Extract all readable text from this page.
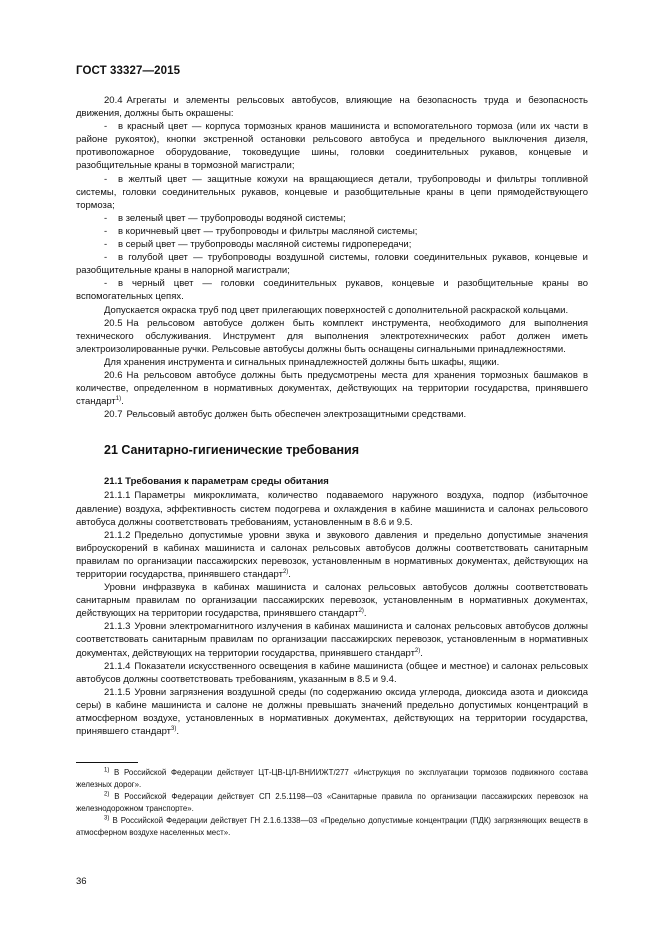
ГОСТ 33327—2015

20.4 Агрегаты и элементы рельсовых автобусов, влияющие на безопасность труда и безопасность движения, должны быть окрашены:

- в красный цвет — корпуса тормозных кранов машиниста и вспомогательного тормоза (или их части в районе рукояток), кнопки экстренной остановки рельсового автобуса и предельного выключения дизеля, противопожарное оборудование, токоведущие шины, головки соединительных рукавов, концевые и разобщительные краны в тормозной магистрали;

- в желтый цвет — защитные кожухи на вращающиеся детали, трубопроводы и фильтры топливной системы, головки соединительных рукавов, концевые и разобщительные краны в цепи прямодействующего тормоза;

- в зеленый цвет — трубопроводы водяной системы;

- в коричневый цвет — трубопроводы и фильтры масляной системы;

- в серый цвет — трубопроводы масляной системы гидропередачи;

- в голубой цвет — трубопроводы воздушной системы, головки соединительных рукавов, концевые и разобщительные краны в напорной магистрали;

- в черный цвет — головки соединительных рукавов, концевые и разобщительные краны во вспомогательных цепях.

Допускается окраска труб под цвет прилегающих поверхностей с дополнительной раскраской кольцами.

20.5 На рельсовом автобусе должен быть комплект инструмента, необходимого для выполнения технического обслуживания. Инструмент для выполнения электротехнических работ должен иметь электроизолированные ручки. Рельсовые автобусы должны быть оснащены сигнальными принадлежностями.

Для хранения инструмента и сигнальных принадлежностей должны быть шкафы, ящики.

20.6 На рельсовом автобусе должны быть предусмотрены места для хранения тормозных башмаков в количестве, определенном в нормативных документах, действующих на территории государства, принявшего стандарт$^{1)}$.

20.7 Рельсовый автобус должен быть обеспечен электрозащитными средствами.

21 Санитарно-гигиенические требования
21.1 Требования к параметрам среды обитания

21.1.1 Параметры микроклимата, количество подаваемого наружного воздуха, подпор (избыточное давление) воздуха, эффективность систем подогрева и охлаждения в кабине машиниста и салонах рельсового автобуса должны соответствовать требованиям, установленным в 8.6 и 9.5.

21.1.2 Предельно допустимые уровни звука и звукового давления и предельно допустимые значения виброускорений в кабинах машиниста и салонах рельсовых автобусов должны соответствовать санитарным правилам по организации пассажирских перевозок, установленным в нормативных документах, действующих на территории государства, принявшего стандарт$^{2)}$.

Уровни инфразвука в кабинах машиниста и салонах рельсовых автобусов должны соответствовать санитарным правилам по организации пассажирских перевозок, установленным в нормативных документах, действующих на территории государства, принявшего стандарт$^{2)}$.

21.1.3 Уровни электромагнитного излучения в кабинах машиниста и салонах рельсовых автобусов должны соответствовать санитарным правилам по организации пассажирских перевозок, установленным в нормативных документах, действующих на территории государства, принявшего стандарт$^{2)}$.

21.1.4 Показатели искусственного освещения в кабине машиниста (общее и местное) и салонах рельсовых автобусов должны соответствовать требованиям, указанным в 8.5 и 9.4.

21.1.5 Уровни загрязнения воздушной среды (по содержанию оксида углерода, диоксида азота и диоксида серы) в кабине машиниста и салоне не должны превышать значений предельно допустимых концентраций в атмосферном воздухе, установленных в нормативных документах, действующих на территории государства, принявшего стандарт$^{3)}$.

$^{1)}$ В Российской Федерации действует ЦТ-ЦВ-ЦЛ-ВНИИЖТ/277 «Инструкция по эксплуатации тормозов подвижного состава железных дорог».

$^{2)}$ В Российской Федерации действует СП 2.5.1198—03 «Санитарные правила по организации пассажирских перевозок на железнодорожном транспорте».

$^{3)}$ В Российской Федерации действует ГН 2.1.6.1338—03 «Предельно допустимые концентрации (ПДК) загрязняющих веществ в атмосферном воздухе населенных мест».

36
